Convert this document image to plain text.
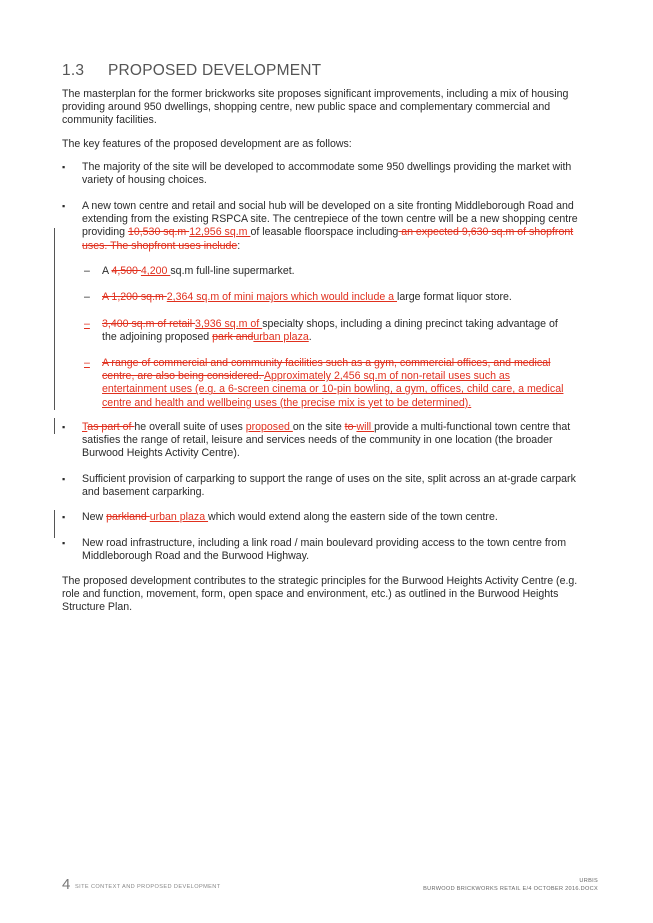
1.3 PROPOSED DEVELOPMENT
The masterplan for the former brickworks site proposes significant improvements, including a mix of housing providing around 950 dwellings, shopping centre, new public space and complementary commercial and community facilities.
The key features of the proposed development are as follows:
▪ The majority of the site will be developed to accommodate some 950 dwellings providing the market with variety of housing choices.
▪ A new town centre and retail and social hub will be developed on a site fronting Middleborough Road and extending from the existing RSPCA site. The centrepiece of the town centre will be a new shopping centre providing 10,530 sq.m 12,956 sq.m of leasable floorspace including an expected 9,630 sq.m of shopfront uses. The shopfront uses include:
– A 4,500 4,200 sq.m full-line supermarket.
– A 1,200 sq.m 2,364 sq.m of mini majors which would include a large format liquor store.
– 3,400 sq.m of retail 3,936 sq.m of specialty shops, including a dining precinct taking advantage of the adjoining proposed park andurban plaza.
– A range of commercial and community facilities such as a gym, commercial offices, and medical centre, are also being considered. Approximately 2,456 sq.m of non-retail uses such as entertainment uses (e.g. a 6-screen cinema or 10-pin bowling, a gym, offices, child care, a medical centre and health and wellbeing uses (the precise mix is yet to be determined).
▪ Tas part of he overall suite of uses proposed on the site to will provide a multi-functional town centre that satisfies the range of retail, leisure and services needs of the community in one location (the broader Burwood Heights Activity Centre).
▪ Sufficient provision of carparking to support the range of uses on the site, split across an at-grade carpark and basement carparking.
▪ New parkland urban plaza which would extend along the eastern side of the town centre.
▪ New road infrastructure, including a link road / main boulevard providing access to the town centre from Middleborough Road and the Burwood Highway.
The proposed development contributes to the strategic principles for the Burwood Heights Activity Centre (e.g. role and function, movement, form, open space and environment, etc.) as outlined in the Burwood Heights Structure Plan.
4 SITE CONTEXT AND PROPOSED DEVELOPMENT
URBIS
BURWOOD BRICKWORKS RETAIL E/4 OCTOBER 2016.DOCX
